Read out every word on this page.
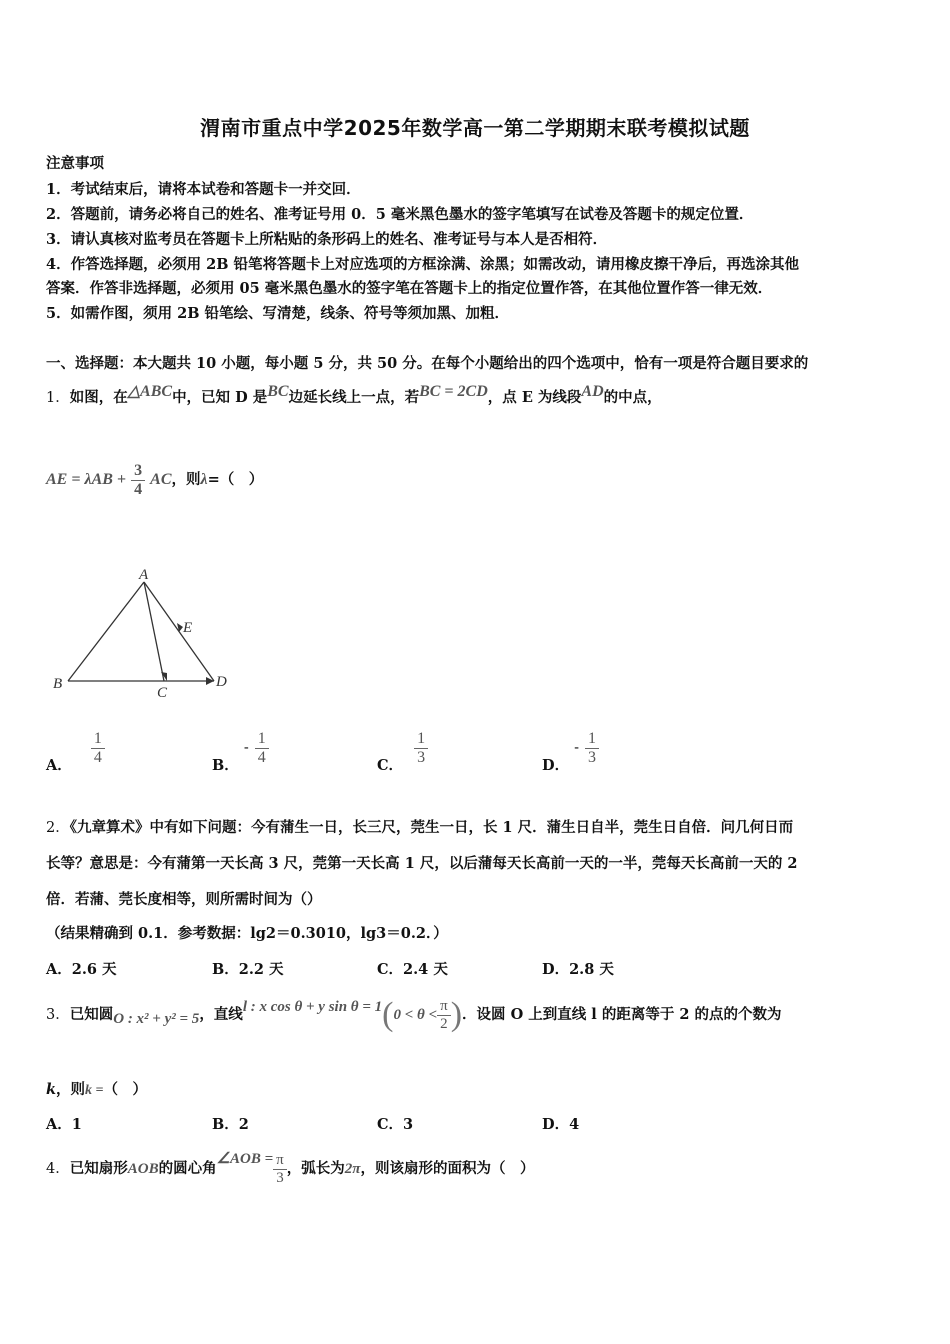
渭南市重点中学2025年数学高一第二学期期末联考模拟试题
注意事项
1．考试结束后，请将本试卷和答题卡一并交回．
2．答题前，请务必将自己的姓名、准考证号用 0．5 毫米黑色墨水的签字笔填写在试卷及答题卡的规定位置．
3．请认真核对监考员在答题卡上所粘贴的条形码上的姓名、准考证号与本人是否相符．
4．作答选择题，必须用 2B 铅笔将答题卡上对应选项的方框涂满、涂黑；如需改动，请用橡皮擦干净后，再选涂其他
答案．作答非选择题，必须用 05 毫米黑色墨水的签字笔在答题卡上的指定位置作答，在其他位置作答一律无效．
5．如需作图，须用 2B 铅笔绘、写清楚，线条、符号等须加黑、加粗．
一、选择题：本大题共 10 小题，每小题 5 分，共 50 分。在每个小题给出的四个选项中，恰有一项是符合题目要求的
1．如图，在△ABC中，已知 D 是BC边延长线上一点，若BC = 2CD，点 E 为线段AD的中点，
AE = $\lambda AB + \frac{3}{4}$ AC，则λ=（　）
A
B
C
D
E
A． $\frac{1}{4}$	B． - $\frac{1}{4}$	C． $\frac{1}{3}$	D． - $\frac{1}{3}$
2．《九章算术》中有如下问题：今有蒲生一日，长三尺，莞生一日，长 1 尺．蒲生日自半，莞生日自倍．问几何日而
长等？意思是：今有蒲第一天长高 3 尺，莞第一天长高 1 尺，以后蒲每天长高前一天的一半，莞每天长高前一天的 2
倍．若蒲、莞长度相等，则所需时间为（）
（结果精确到 0.1．参考数据：lg2＝0.3010，lg3＝0.2．）
A．2.6 天	B．2.2 天	C．2.4 天	D．2.8 天
3．已知圆O : x² + y² = 5，直线l : x cos θ + y $\sin \theta = 1(0 < \theta < \frac{\pi}{2}$ )．设圆 O 上到直线 l 的距离等于 2 的点的个数为
k，则k =（　）
A．1	B．2	C．3	D．4
4．已知扇形AOB的圆心角∠AOB = $\frac{\pi}{3}$ ，弧长为2π，则该扇形的面积为（　）
